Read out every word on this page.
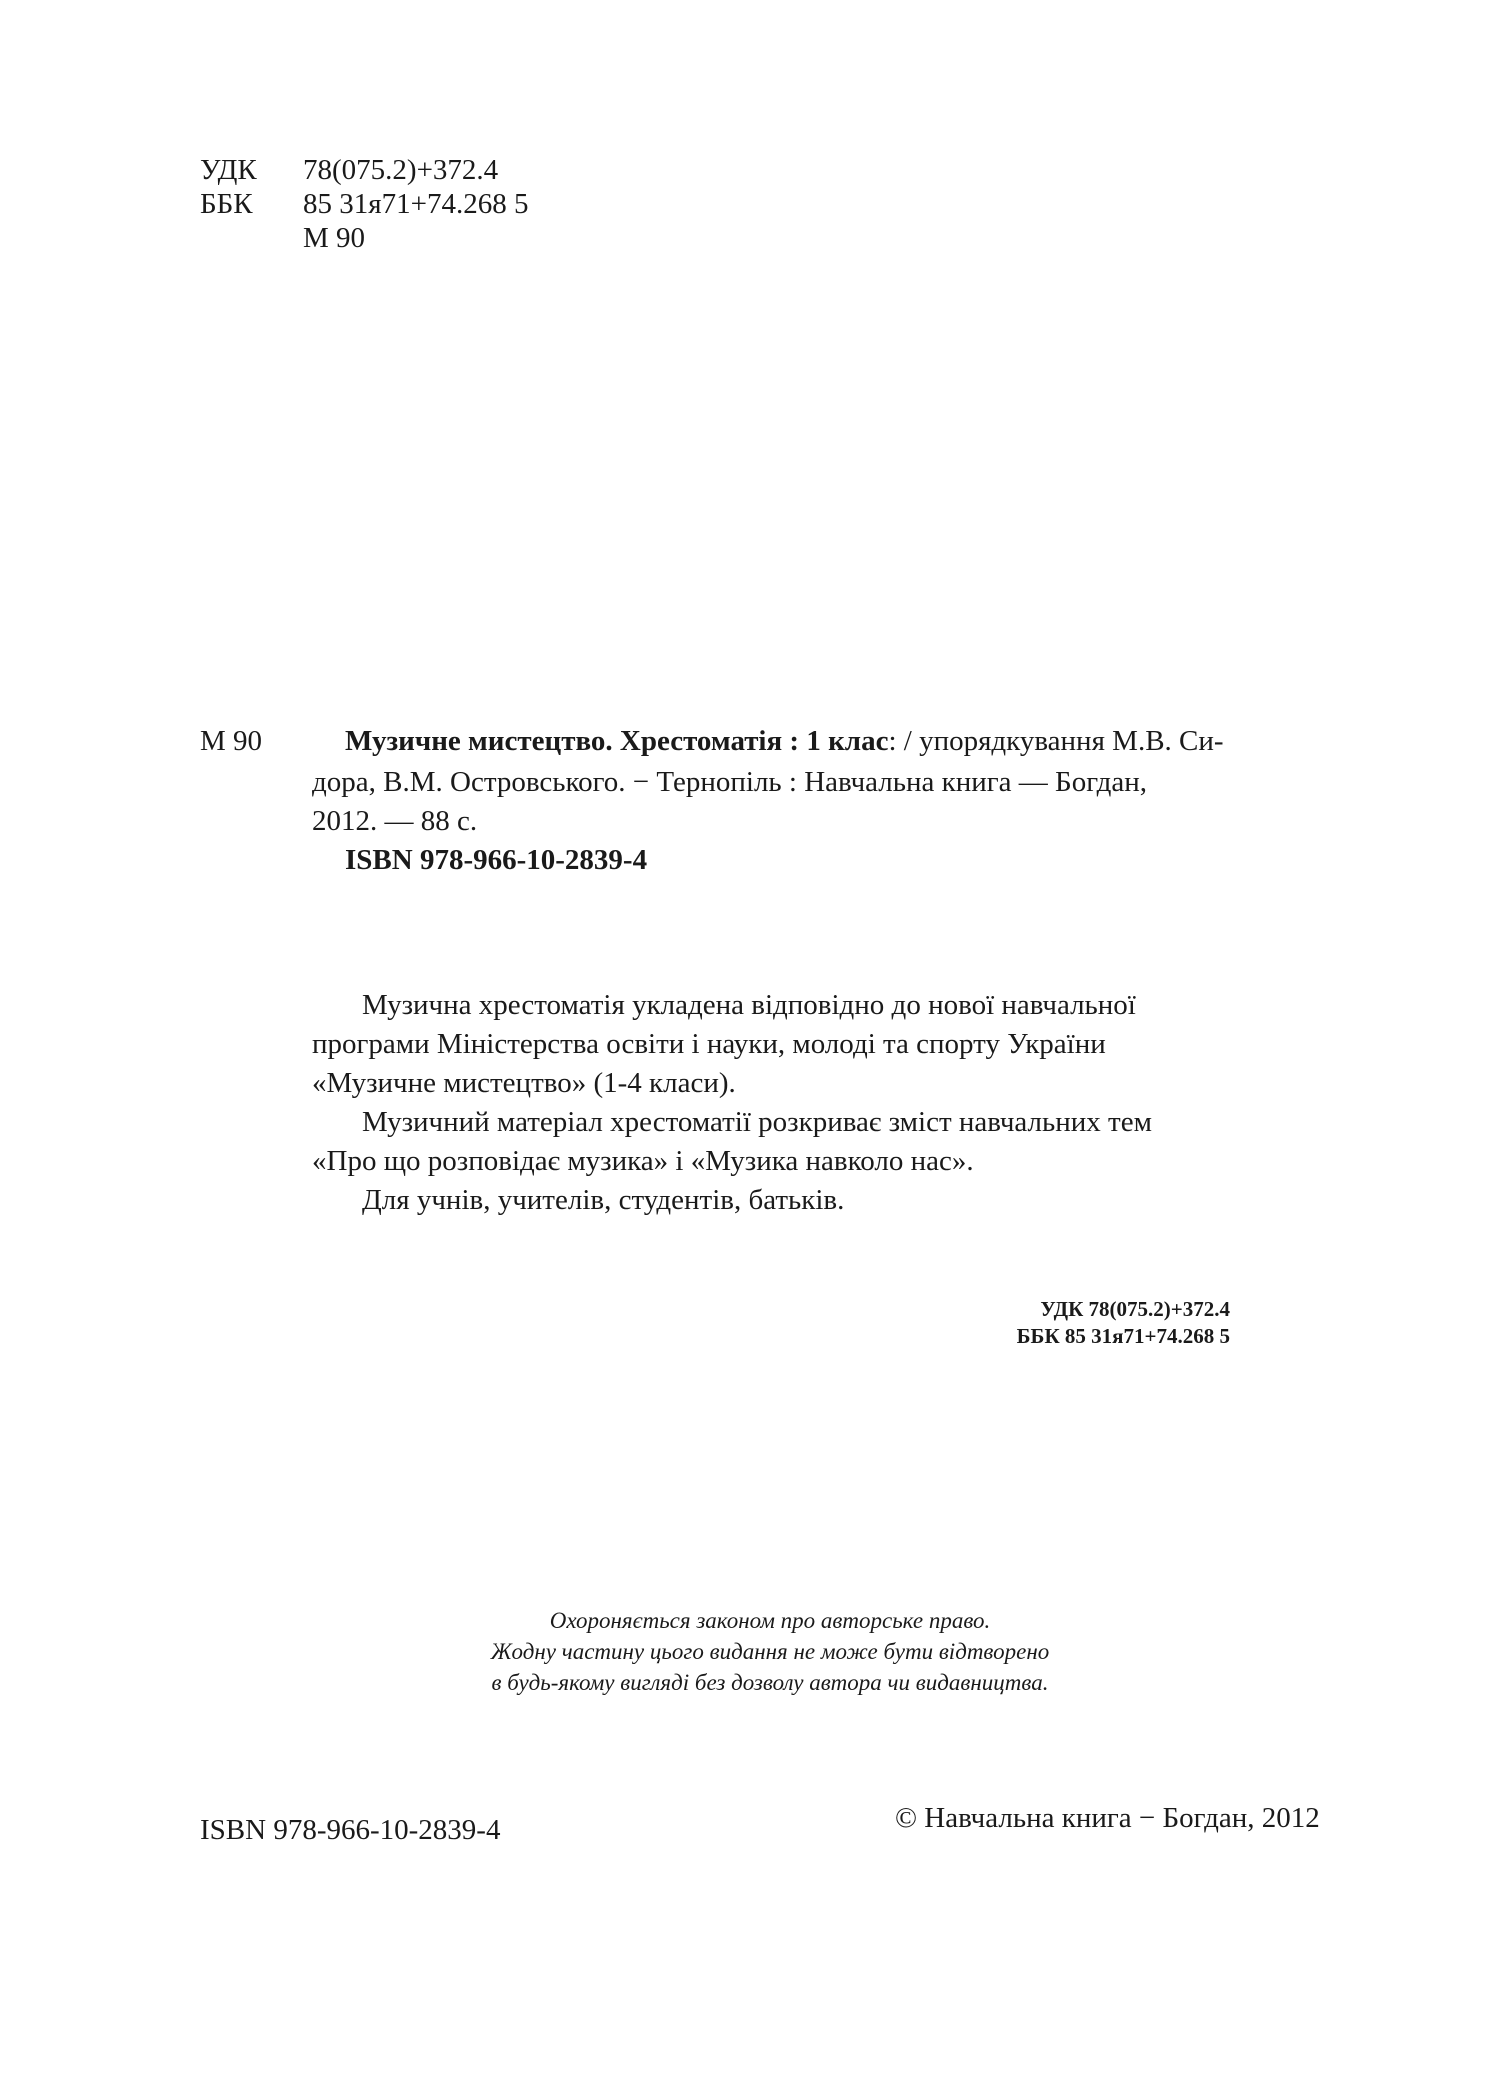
УДК 78(075.2)+372.4
ББК 85 31я71+74.268 5
М 90
М 90	Музичне мистецтво. Хрестоматія : 1 клас: / упорядкування М.В. Си-
дора, В.М. Островського. − Тернопіль : Навчальна книга — Богдан,
2012. — 88 с.
ISBN 978-966-10-2839-4
Музична хрестоматія укладена відповідно до нової навчальної
програми Міністерства освіти і науки, молоді та спорту України
«Музичне мистецтво» (1-4 класи).
Музичний матеріал хрестоматії розкриває зміст навчальних тем
«Про що розповідає музика» і «Музика навколо нас».
Для учнів, учителів, студентів, батьків.
УДК 78(075.2)+372.4
ББК 85 31я71+74.268 5
Охороняється законом про авторське право.
Жодну частину цього видання не може бути відтворено
в будь-якому вигляді без дозволу автора чи видавництва.
ISBN 978-966-10-2839-4	© Навчальна книга − Богдан, 2012
